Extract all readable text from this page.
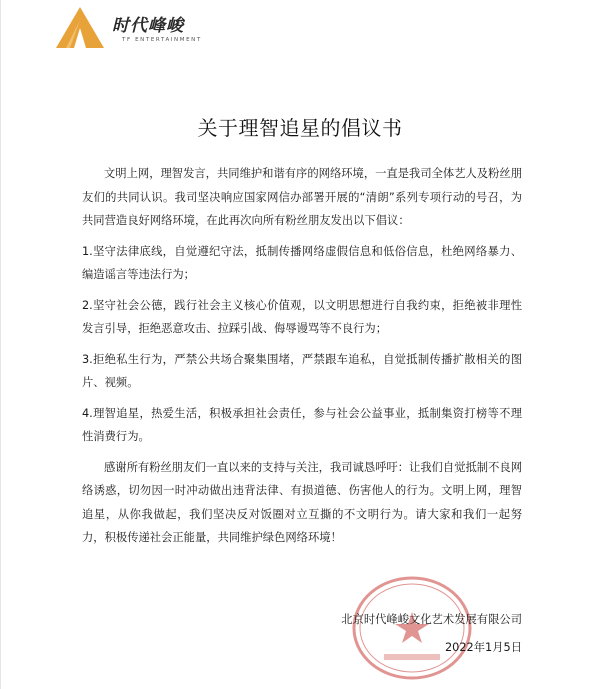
时代峰峻
TF ENTERTAINMENT
关于理智追星的倡议书

文明上网，理智发言，共同维护和谐有序的网络环境，一直是我司全体艺人及粉丝朋友们的共同认识。我司坚决响应国家网信办部署开展的“清朗”系列专项行动的号召，为共同营造良好网络环境，在此再次向所有粉丝朋友发出以下倡议：

1.坚守法律底线，自觉遵纪守法，抵制传播网络虚假信息和低俗信息，杜绝网络暴力、编造谣言等违法行为；

2.坚守社会公德，践行社会主义核心价值观，以文明思想进行自我约束，拒绝被非理性发言引导，拒绝恶意攻击、拉踩引战、侮辱谩骂等不良行为；

3.拒绝私生行为，严禁公共场合聚集围堵，严禁跟车追私，自觉抵制传播扩散相关的图片、视频。

4.理智追星，热爱生活，积极承担社会责任，参与社会公益事业，抵制集资打榜等不理性消费行为。

感谢所有粉丝朋友们一直以来的支持与关注，我司诚恳呼吁：让我们自觉抵制不良网络诱惑，切勿因一时冲动做出违背法律、有损道德、伤害他人的行为。文明上网，理智追星，从你我做起，我们坚决反对饭圈对立互撕的不文明行为。请大家和我们一起努力，积极传递社会正能量，共同维护绿色网络环境！

北京时代峰峻文化艺术发展有限公司
2022年1月5日
